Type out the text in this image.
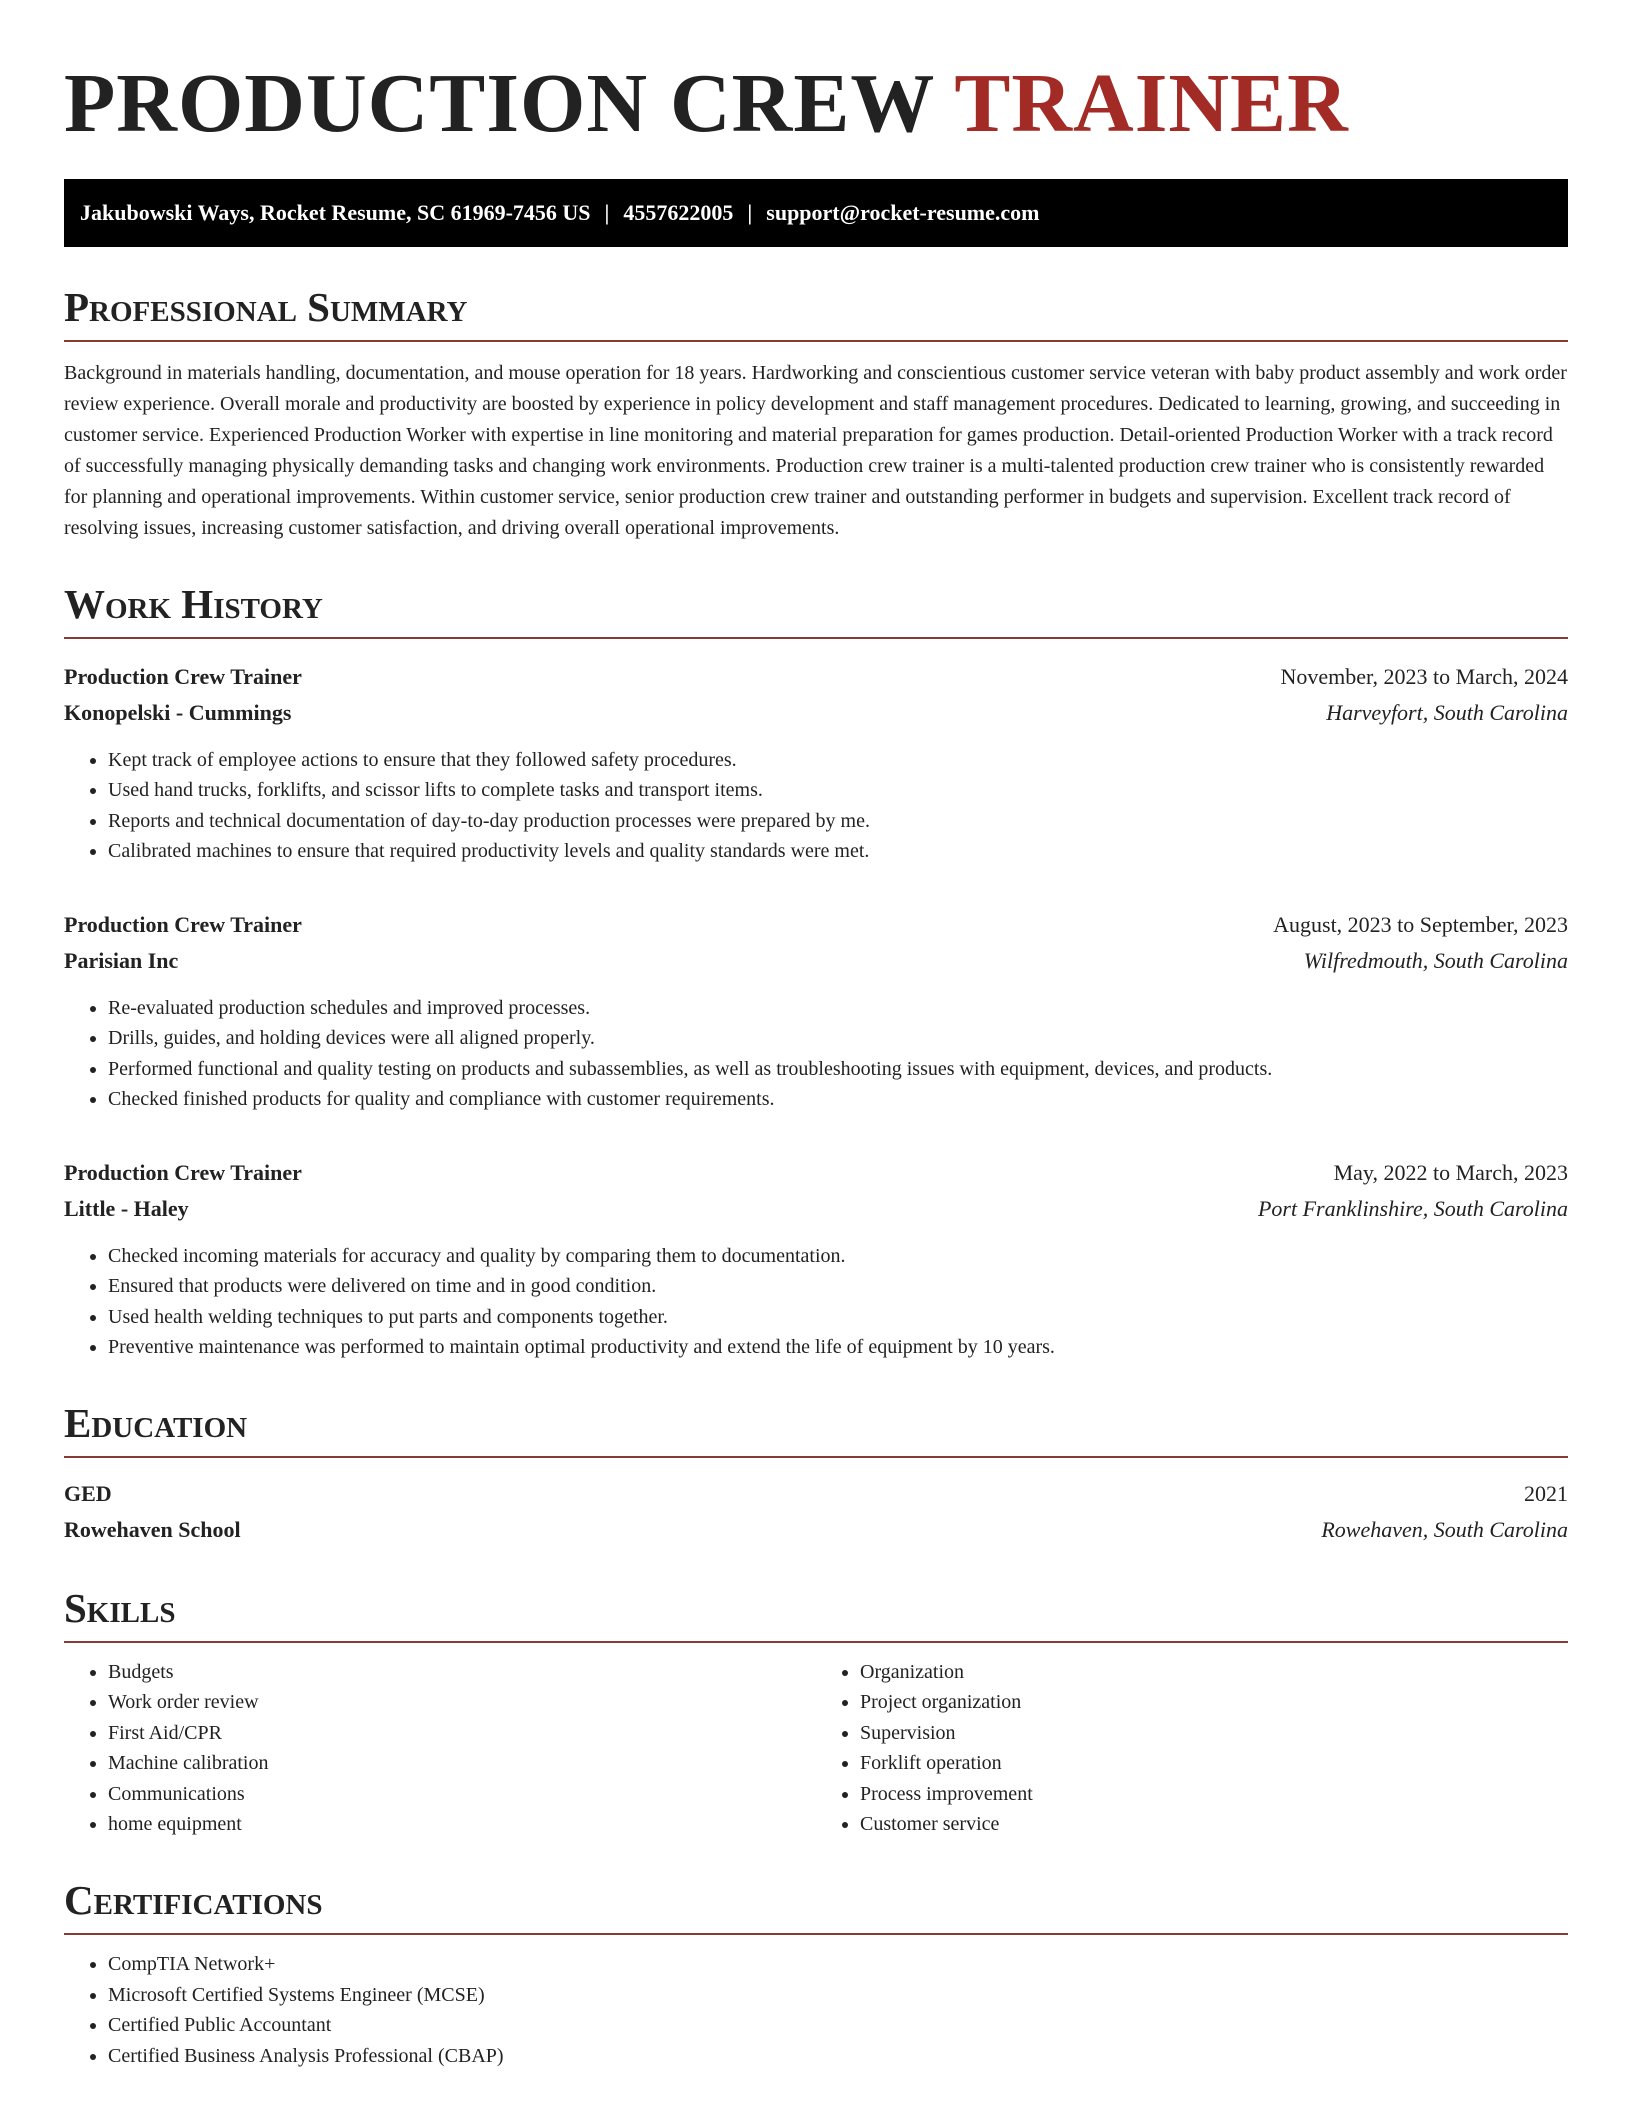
PRODUCTION CREW TRAINER
Jakubowski Ways, Rocket Resume, SC 61969-7456 US | 4557622005 | support@rocket-resume.com
Professional Summary

Background in materials handling, documentation, and mouse operation for 18 years. Hardworking and conscientious customer service veteran with baby product assembly and work order review experience. Overall morale and productivity are boosted by experience in policy development and staff management procedures. Dedicated to learning, growing, and succeeding in customer service. Experienced Production Worker with expertise in line monitoring and material preparation for games production. Detail-oriented Production Worker with a track record of successfully managing physically demanding tasks and changing work environments. Production crew trainer is a multi-talented production crew trainer who is consistently rewarded for planning and operational improvements. Within customer service, senior production crew trainer and outstanding performer in budgets and supervision. Excellent track record of resolving issues, increasing customer satisfaction, and driving overall operational improvements.

Work History
Production Crew Trainer	November, 2023 to March, 2024
Konopelski - Cummings	Harveyfort, South Carolina
• Kept track of employee actions to ensure that they followed safety procedures.
• Used hand trucks, forklifts, and scissor lifts to complete tasks and transport items.
• Reports and technical documentation of day-to-day production processes were prepared by me.
• Calibrated machines to ensure that required productivity levels and quality standards were met.
Production Crew Trainer	August, 2023 to September, 2023
Parisian Inc	Wilfredmouth, South Carolina
• Re-evaluated production schedules and improved processes.
• Drills, guides, and holding devices were all aligned properly.
• Performed functional and quality testing on products and subassemblies, as well as troubleshooting issues with equipment, devices, and products.
• Checked finished products for quality and compliance with customer requirements.
Production Crew Trainer	May, 2022 to March, 2023
Little - Haley	Port Franklinshire, South Carolina
• Checked incoming materials for accuracy and quality by comparing them to documentation.
• Ensured that products were delivered on time and in good condition.
• Used health welding techniques to put parts and components together.
• Preventive maintenance was performed to maintain optimal productivity and extend the life of equipment by 10 years.
Education
GED	2021
Rowehaven School	Rowehaven, South Carolina
Skills
• Budgets
• Work order review
• First Aid/CPR
• Machine calibration
• Communications
• home equipment
• Organization
• Project organization
• Supervision
• Forklift operation
• Process improvement
• Customer service
Certifications
• CompTIA Network+
• Microsoft Certified Systems Engineer (MCSE)
• Certified Public Accountant
• Certified Business Analysis Professional (CBAP)
